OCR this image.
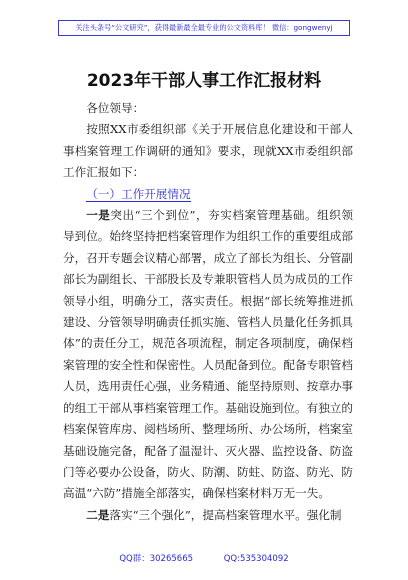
关注头条号“公文研究”，获得最新最全最专业的公文资料库！ 微信：gongwenyj
2023年干部人事工作汇报材料

各位领导：

按照XX市委组织部《关于开展信息化建设和干部人事档案管理工作调研的通知》要求，现就XX市委组织部工作汇报如下：

（一）工作开展情况

一是突出“三个到位”，夯实档案管理基础。组织领导到位。始终坚持把档案管理作为组织工作的重要组成部分，召开专题会议精心部署，成立了部长为组长、分管副部长为副组长、干部股长及专兼职管档人员为成员的工作领导小组，明确分工，落实责任。根据“部长统筹推进抓建设、分管领导明确责任抓实施、管档人员量化任务抓具体”的责任分工，规范各项流程，制定各项制度，确保档案管理的安全性和保密性。人员配备到位。配备专职管档人员，选用责任心强，业务精通、能坚持原则、按章办事的组工干部从事档案管理工作。基础设施到位。有独立的档案保管库房、阅档场所、整理场所、办公场所，档案室基础设施完备，配备了温湿计、灭火器、监控设备、防盗门等必要办公设备，防火、防潮、防蛀、防盗、防光、防高温“六防”措施全部落实，确保档案材料万无一失。

二是落实“三个强化”，提高档案管理水平。强化制

QQ群：30265665	QQ:535304092
